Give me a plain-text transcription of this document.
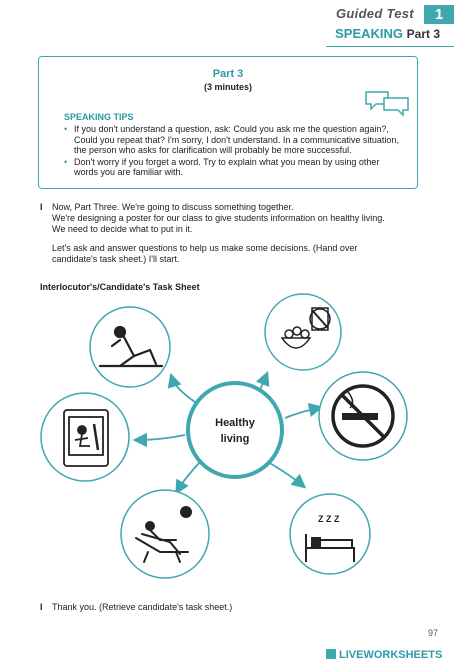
Guided Test	1
SPEAKING Part 3
Part 3
(3 minutes)
SPEAKING TIPS
• If you don't understand a question, ask: Could you ask me the question again?, Could you repeat that? I'm sorry, I don't understand. In a communicative situation, the person who asks for clarification will probably be more successful.
• Don't worry if you forget a word. Try to explain what you mean by using other words you are familiar with.
I Now, Part Three. We're going to discuss something together.
We're designing a poster for our class to give students information on healthy living.
We need to decide what to put in it.
Let's ask and answer questions to help us make some decisions. (Hand over
candidate's task sheet.) I'll start.
Interlocutor's/Candidate's Task Sheet
Healthy
living
Z Z Z
I Thank you. (Retrieve candidate's task sheet.)
97
LIVEWORKSHEETS
